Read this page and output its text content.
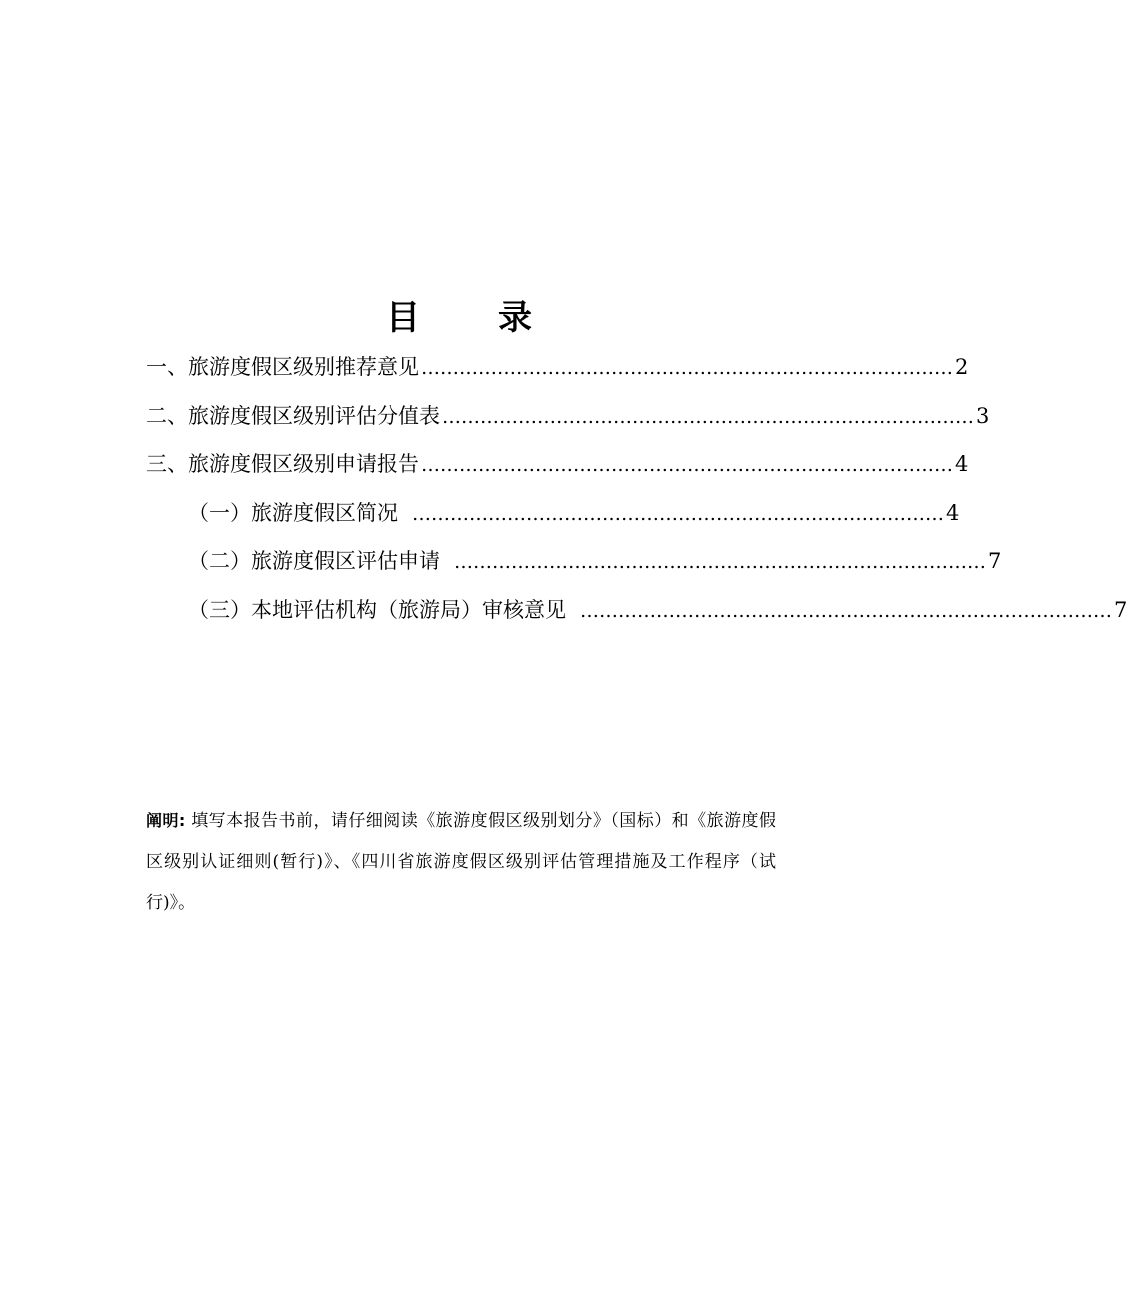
目 录
一、旅游度假区级别推荐意见 ………………………………………………………………………… 2
二、旅游度假区级别评估分值表 ………………………………………………………………………… 3
三、旅游度假区级别申请报告 ………………………………………………………………………… 4
（一）旅游度假区简况 ………………………………………………………………………… 4
（二）旅游度假区评估申请 ………………………………………………………………………… 7
（三）本地评估机构（旅游局）审核意见 ………………………………………………………………………… 7
阐明: 填写本报告书前，请仔细阅读《旅游度假区级别划分》（国标）和《旅游度假区级别认证细则(暂行)》、《四川省旅游度假区级别评估管理措施及工作程序（试行)》。
